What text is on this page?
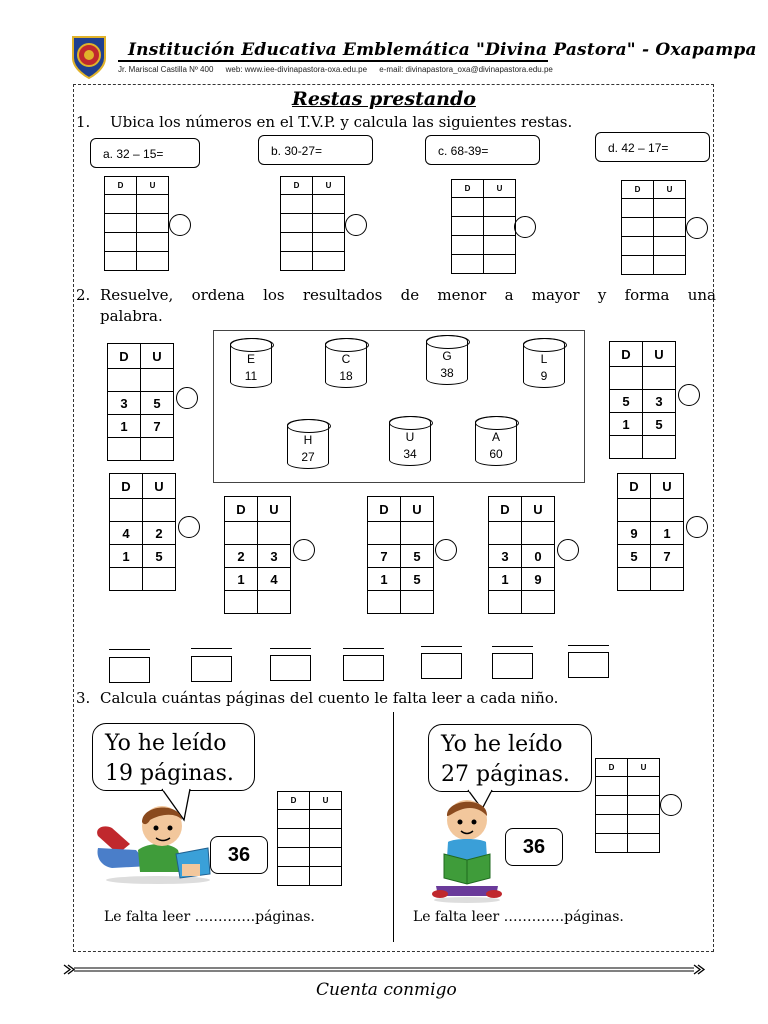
Institución Educativa Emblemática "Divina Pastora" - Oxapampa
Jr. Mariscal Castilla Nº 400 web: www.iee-divinapastora-oxa.edu.pe e-mail: divinapastora_oxa@divinapastora.edu.pe
Restas prestando
1. Ubica los números en el T.V.P. y calcula las siguientes restas.
a. 32 – 15=	b. 30-27=	c. 68-39=	d. 42 – 17=
D	U

		D	U

		D	U

		D	U

2. Resuelve, ordena los resultados de menor a mayor y forma una
palabra.
E
11
C
18
G
38
L
9
H
27
U
34
A
60
D	U

3	5
1	7

D	U

5	3
1	5

D	U

4	2
1	5

D	U

2	3
1	4

D	U

7	5
1	5

D	U

3	0
1	9

D	U

9	1
5	7

3. Calcula cuántas páginas del cuento le falta leer a cada niño.
Yo he leído
19 páginas.
36
D	U

Le falta leer ………….páginas.
Yo he leído
27 páginas.
36
D	U

Le falta leer ………….páginas.
Cuenta conmigo
